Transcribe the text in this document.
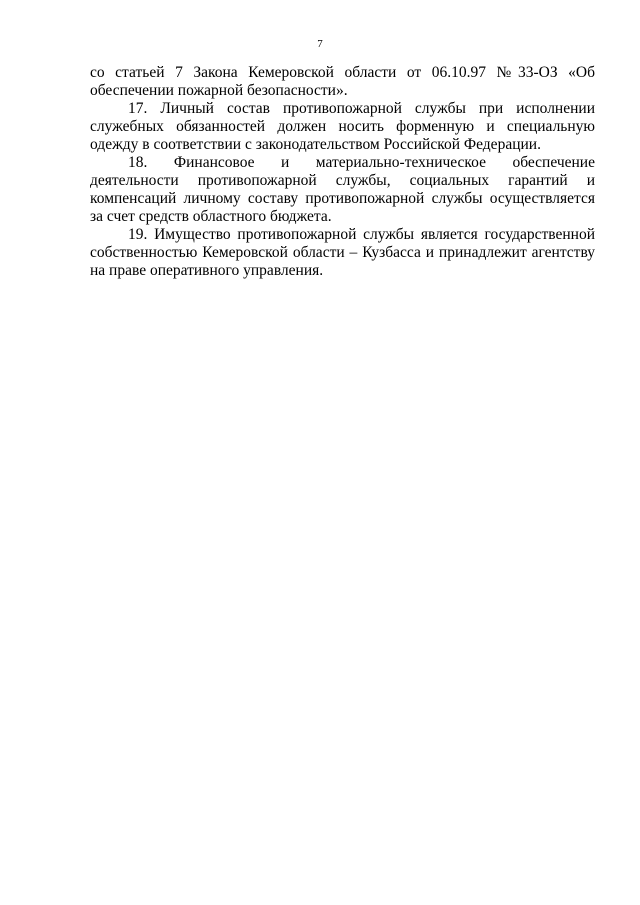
7

со статьей 7 Закона Кемеровской области от 06.10.97 №33-ОЗ «Об обеспечении пожарной безопасности».

17. Личный состав противопожарной службы при исполнении служебных обязанностей должен носить форменную и специальную одежду в соответствии с законодательством Российской Федерации.

18. Финансовое и материально-техническое обеспечение деятельности противопожарной службы, социальных гарантий и компенсаций личному составу противопожарной службы осуществляется за счет средств областного бюджета.

19. Имущество противопожарной службы является государственной собственностью Кемеровской области – Кузбасса и принадлежит агентству на праве оперативного управления.
